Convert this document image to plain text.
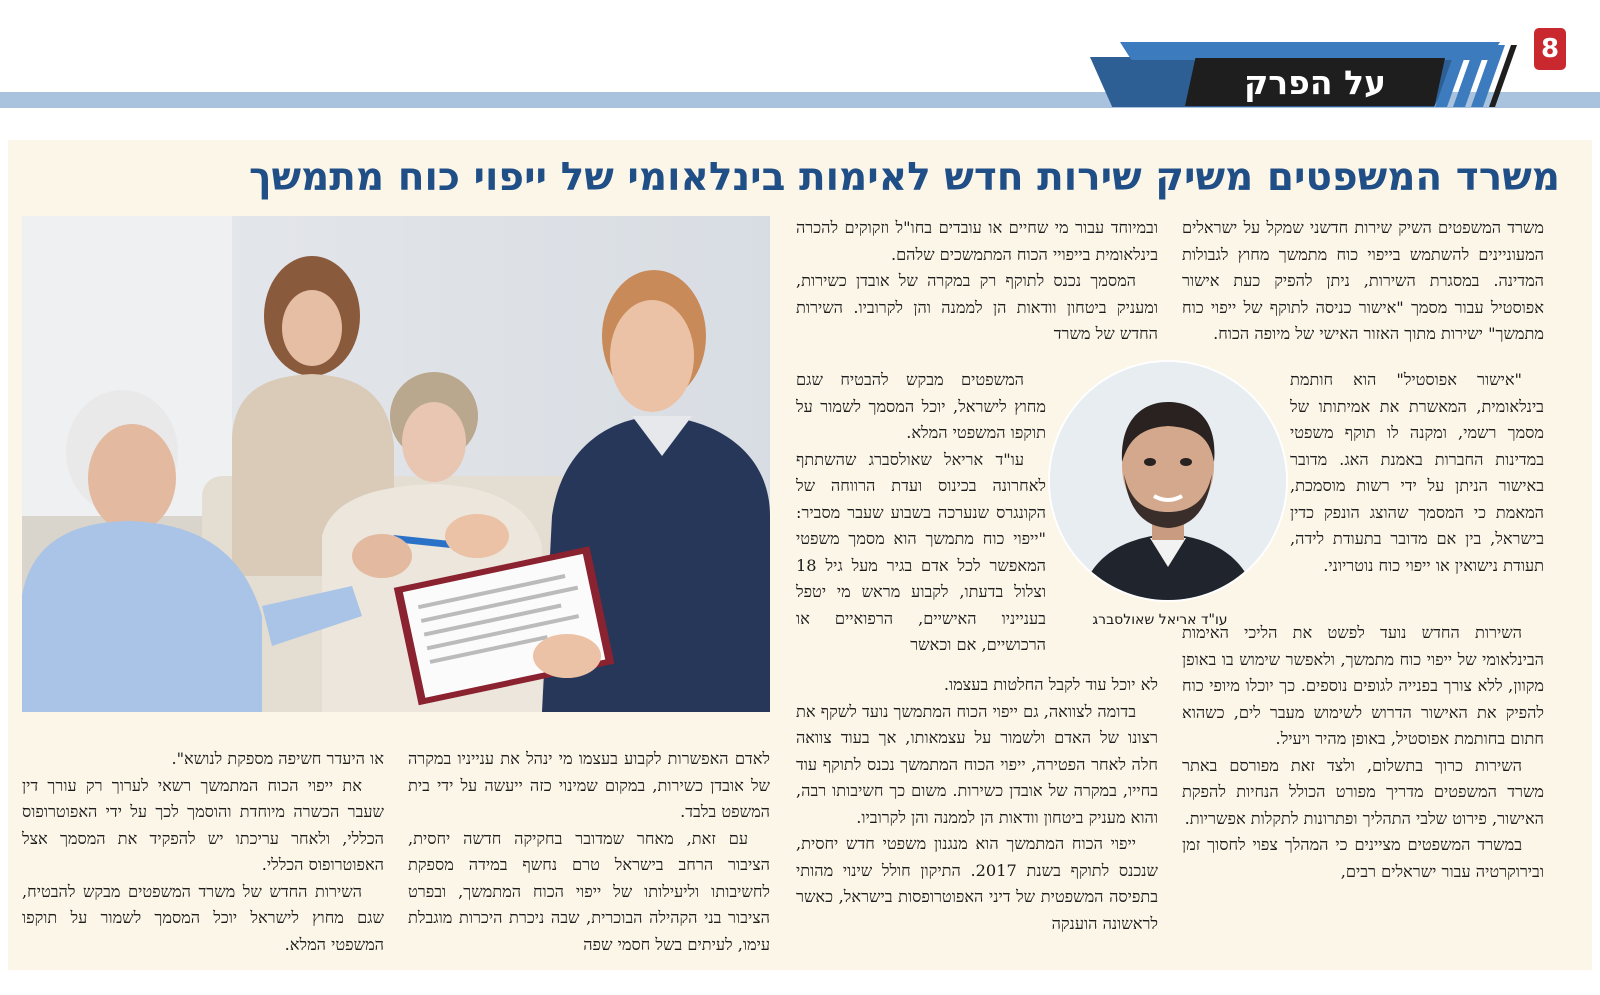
על הפרק
8
משרד המשפטים משיק שירות חדש לאימות בינלאומי של ייפוי כוח מתמשך

משרד המשפטים השיק שירות חדשני שמקל על ישראלים המעוניינים להשתמש בייפוי כוח מתמשך מחוץ לגבולות המדינה. במסגרת השירות, ניתן להפיק כעת אישור אפוסטיל עבור מסמך "אישור כניסה לתוקף של ייפוי כוח מתמשך" ישירות מתוך האזור האישי של מיופה הכוח.

"אישור אפוסטיל" הוא חותמת בינלאומית, המאשרת את אמיתותו של מסמך רשמי, ומקנה לו תוקף משפטי במדינות החברות באמנת האג. מדובר באישור הניתן על ידי רשות מוסמכת, המאמת כי המסמך שהוצג הונפק כדין בישראל, בין אם מדובר בתעודת לידה, תעודת נישואין או ייפוי כוח נוטריוני.

השירות החדש נועד לפשט את הליכי האימות הבינלאומי של ייפוי כוח מתמשך, ולאפשר שימוש בו באופן מקוון, ללא צורך בפנייה לגופים נוספים. כך יוכלו מיופי כוח להפיק את האישור הדרוש לשימוש מעבר לים, כשהוא חתום בחותמת אפוסטיל, באופן מהיר ויעיל.

השירות כרוך בתשלום, ולצד זאת מפורסם באתר משרד המשפטים מדריך מפורט הכולל הנחיות להפקת האישור, פירוט שלבי התהליך ופתרונות לתקלות אפשריות.

במשרד המשפטים מציינים כי המהלך צפוי לחסוך זמן ובירוקרטיה עבור ישראלים רבים,

ובמיוחד עבור מי שחיים או עובדים בחו"ל וזקוקים להכרה בינלאומית בייפויי הכוח המתמשכים שלהם.

המסמך נכנס לתוקף רק במקרה של אובדן כשירות, ומעניק ביטחון וודאות הן לממנה והן לקרוביו. השירות החדש של משרד

המשפטים מבקש להבטיח שגם מחוץ לישראל, יוכל המסמך לשמור על תוקפו המשפטי המלא.

עו"ד אריאל שאולסברג שהשתתף לאחרונה בכינוס ועדת הרווחה של הקונגרס שנערכה בשבוע שעבר מסביר: "ייפוי כוח מתמשך הוא מסמך משפטי המאפשר לכל אדם בגיר מעל גיל 18 וצלול בדעתו, לקבוע מראש מי יטפל בענייניו האישיים, הרפואיים או הרכושיים, אם וכאשר

לא יוכל עוד לקבל החלטות בעצמו.

בדומה לצוואה, גם ייפוי הכוח המתמשך נועד לשקף את רצונו של האדם ולשמור על עצמאותו, אך בעוד צוואה חלה לאחר הפטירה, ייפוי הכוח המתמשך נכנס לתוקף עוד בחייו, במקרה של אובדן כשירות. משום כך חשיבותו רבה, והוא מעניק ביטחון וודאות הן לממנה והן לקרוביו.

ייפוי הכוח המתמשך הוא מנגנון משפטי חדש יחסית, שנכנס לתוקף בשנת 2017. התיקון חולל שינוי מהותי בתפיסה המשפטית של דיני האפוטרופסות בישראל, כאשר לראשונה הוענקה

עו"ד אריאל שאולסברג

לאדם האפשרות לקבוע בעצמו מי ינהל את ענייניו במקרה של אובדן כשירות, במקום שמינוי כזה ייעשה על ידי בית המשפט בלבד.

עם זאת, מאחר שמדובר בחקיקה חדשה יחסית, הציבור הרחב בישראל טרם נחשף במידה מספקת לחשיבותו וליעילותו של ייפוי הכוח המתמשך, ובפרט הציבור בני הקהילה הבוכרית, שבה ניכרת היכרות מוגבלת עימו, לעיתים בשל חסמי שפה

או היעדר חשיפה מספקת לנושא".

את ייפוי הכוח המתמשך רשאי לערוך רק עורך דין שעבר הכשרה מיוחדת והוסמך לכך על ידי האפוטרופוס הכללי, ולאחר עריכתו יש להפקיד את המסמך אצל האפוטרופוס הכללי.

השירות החדש של משרד המשפטים מבקש להבטיח, שגם מחוץ לישראל יוכל המסמך לשמור על תוקפו המשפטי המלא.
